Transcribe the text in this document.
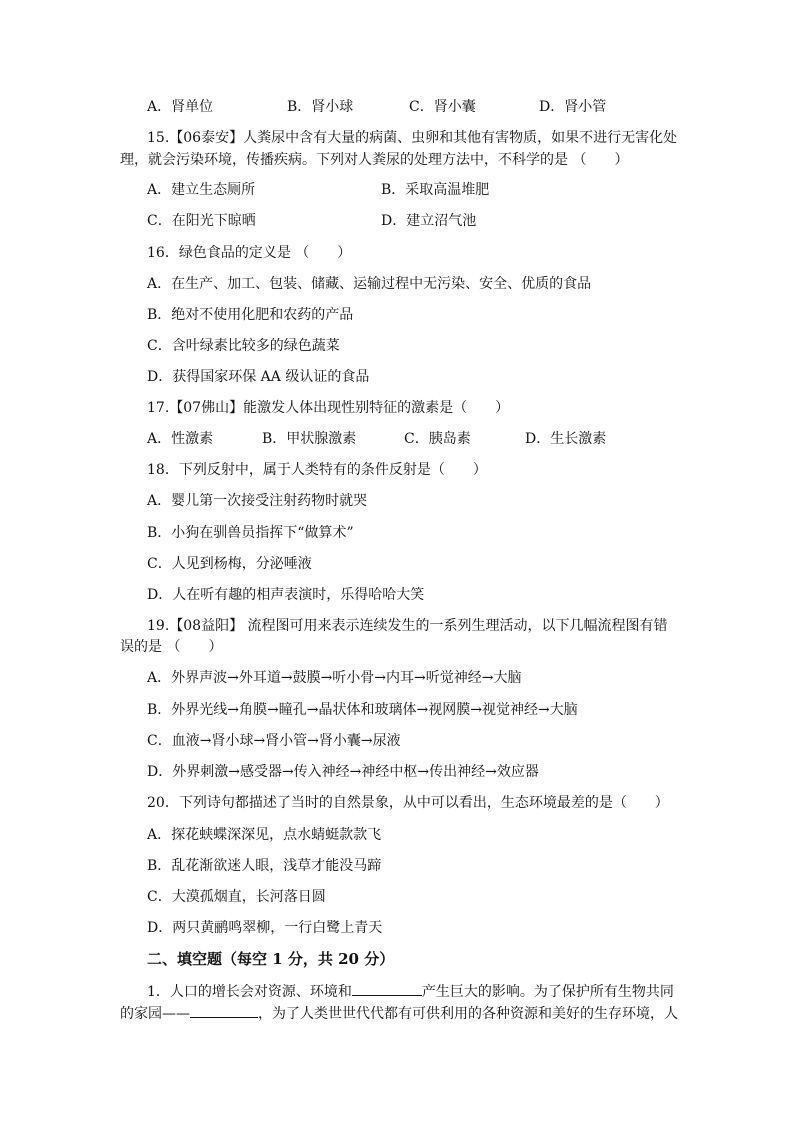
A．肾单位	B．肾小球	C．肾小囊	D．肾小管
15.【06泰安】人粪尿中含有大量的病菌、虫卵和其他有害物质，如果不进行无害化处
理，就会污染环境，传播疾病。下列对人粪尿的处理方法中，不科学的是 （　　）
A．建立生态厕所	B．采取高温堆肥
C．在阳光下晾晒	D．建立沼气池
16．绿色食品的定义是 （　　）
A．在生产、加工、包装、储藏、运输过程中无污染、安全、优质的食品
B．绝对不使用化肥和农药的产品
C．含叶绿素比较多的绿色蔬菜
D．获得国家环保 AA 级认证的食品
17.【07佛山】能激发人体出现性别特征的激素是（　　）
A．性激素	B．甲状腺激素	C．胰岛素	D．生长激素
18．下列反射中，属于人类特有的条件反射是（　　）
A．婴儿第一次接受注射药物时就哭
B．小狗在驯兽员指挥下“做算术”
C．人见到杨梅，分泌唾液
D．人在听有趣的相声表演时，乐得哈哈大笑
19.【08益阳】 流程图可用来表示连续发生的一系列生理活动，以下几幅流程图有错
误的是 （　　）
A．外界声波→外耳道→鼓膜→听小骨→内耳→听觉神经→大脑
B．外界光线→角膜→瞳孔→晶状体和玻璃体→视网膜→视觉神经→大脑
C．血液→肾小球→肾小管→肾小囊→尿液
D．外界刺激→感受器→传入神经→神经中枢→传出神经→效应器
20．下列诗句都描述了当时的自然景象，从中可以看出，生态环境最差的是（　　）
A．探花蛱蝶深深见，点水蜻蜓款款飞
B．乱花渐欲迷人眼，浅草才能没马蹄
C．大漠孤烟直，长河落日圆
D．两只黄鹂鸣翠柳，一行白鹭上青天
二、填空题（每空 1 分，共 20 分）
1．人口的增长会对资源、环境和	产生巨大的影响。为了保护所有生物共同
的家园——	，为了人类世世代代都有可供利用的各种资源和美好的生存环境，人
